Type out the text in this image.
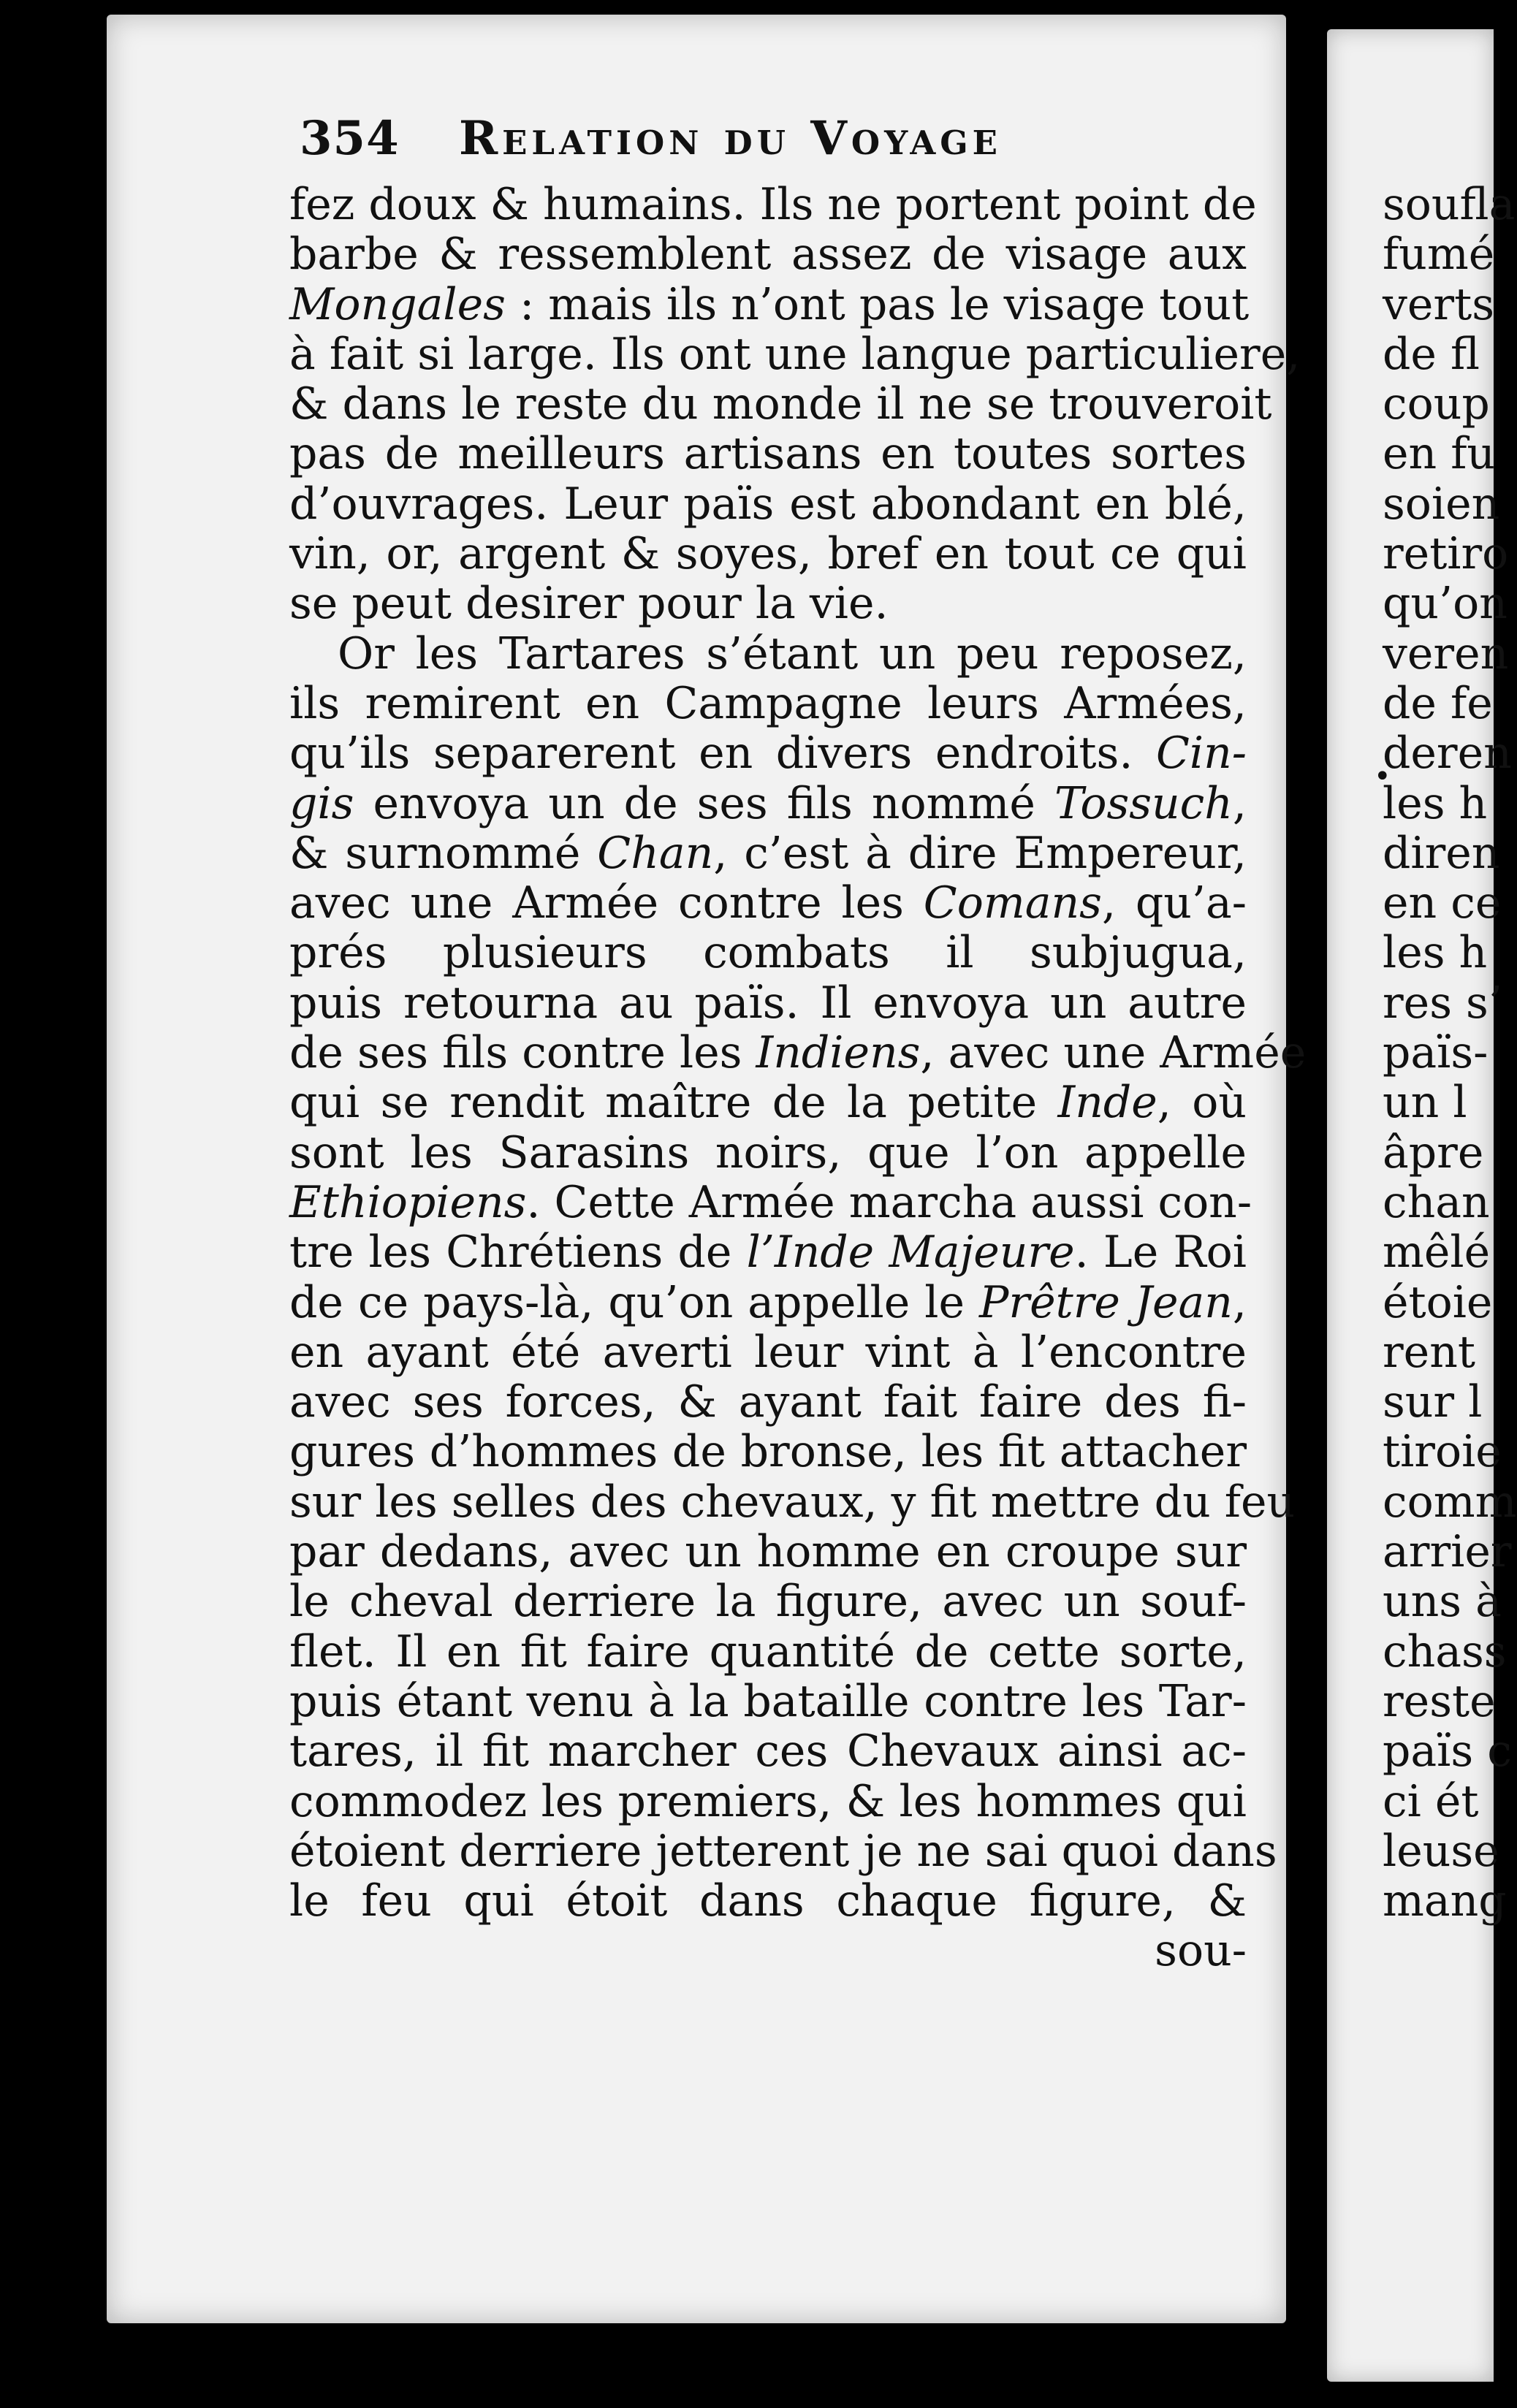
354 Relation du Voyage
fez doux & humains. Ils ne portent point de
barbe & ressemblent assez de visage aux
Mongales : mais ils n’ont pas le visage tout
à fait si large. Ils ont une langue particuliere,
& dans le reste du monde il ne se trouveroit
pas de meilleurs artisans en toutes sortes
d’ouvrages. Leur païs est abondant en blé,
vin, or, argent & soyes, bref en tout ce qui
se peut desirer pour la vie.
Or les Tartares s’étant un peu reposez,
ils remirent en Campagne leurs Armées,
qu’ils separerent en divers endroits. Cin-
gis envoya un de ses fils nommé Tossuch,
& surnommé Chan, c’est à dire Empereur,
avec une Armée contre les Comans, qu’a-
prés plusieurs combats il subjugua,
puis retourna au païs. Il envoya un autre
de ses fils contre les Indiens, avec une Armée
qui se rendit maître de la petite Inde, où
sont les Sarasins noirs, que l’on appelle
Ethiopiens. Cette Armée marcha aussi con-
tre les Chrétiens de l’Inde Majeure. Le Roi
de ce pays-là, qu’on appelle le Prêtre Jean,
en ayant été averti leur vint à l’encontre
avec ses forces, & ayant fait faire des fi-
gures d’hommes de bronse, les fit attacher
sur les selles des chevaux, y fit mettre du feu
par dedans, avec un homme en croupe sur
le cheval derriere la figure, avec un souf-
flet. Il en fit faire quantité de cette sorte,
puis étant venu à la bataille contre les Tar-
tares, il fit marcher ces Chevaux ainsi ac-
commodez les premiers, & les hommes qui
étoient derriere jetterent je ne sai quoi dans
le feu qui étoit dans chaque figure, &
sou-
soufla
fumé
verts
de fl
coup
en fu
soien
retiro
qu’on
veren
de fe
deren
les h
diren
en ce
les h
res s’
païs-
un l
âpre
chan
mêlé
étoie
rent
sur l
tiroie
comm
arrier
uns à
chass
reste
païs c
ci ét
leuse
mang
•
